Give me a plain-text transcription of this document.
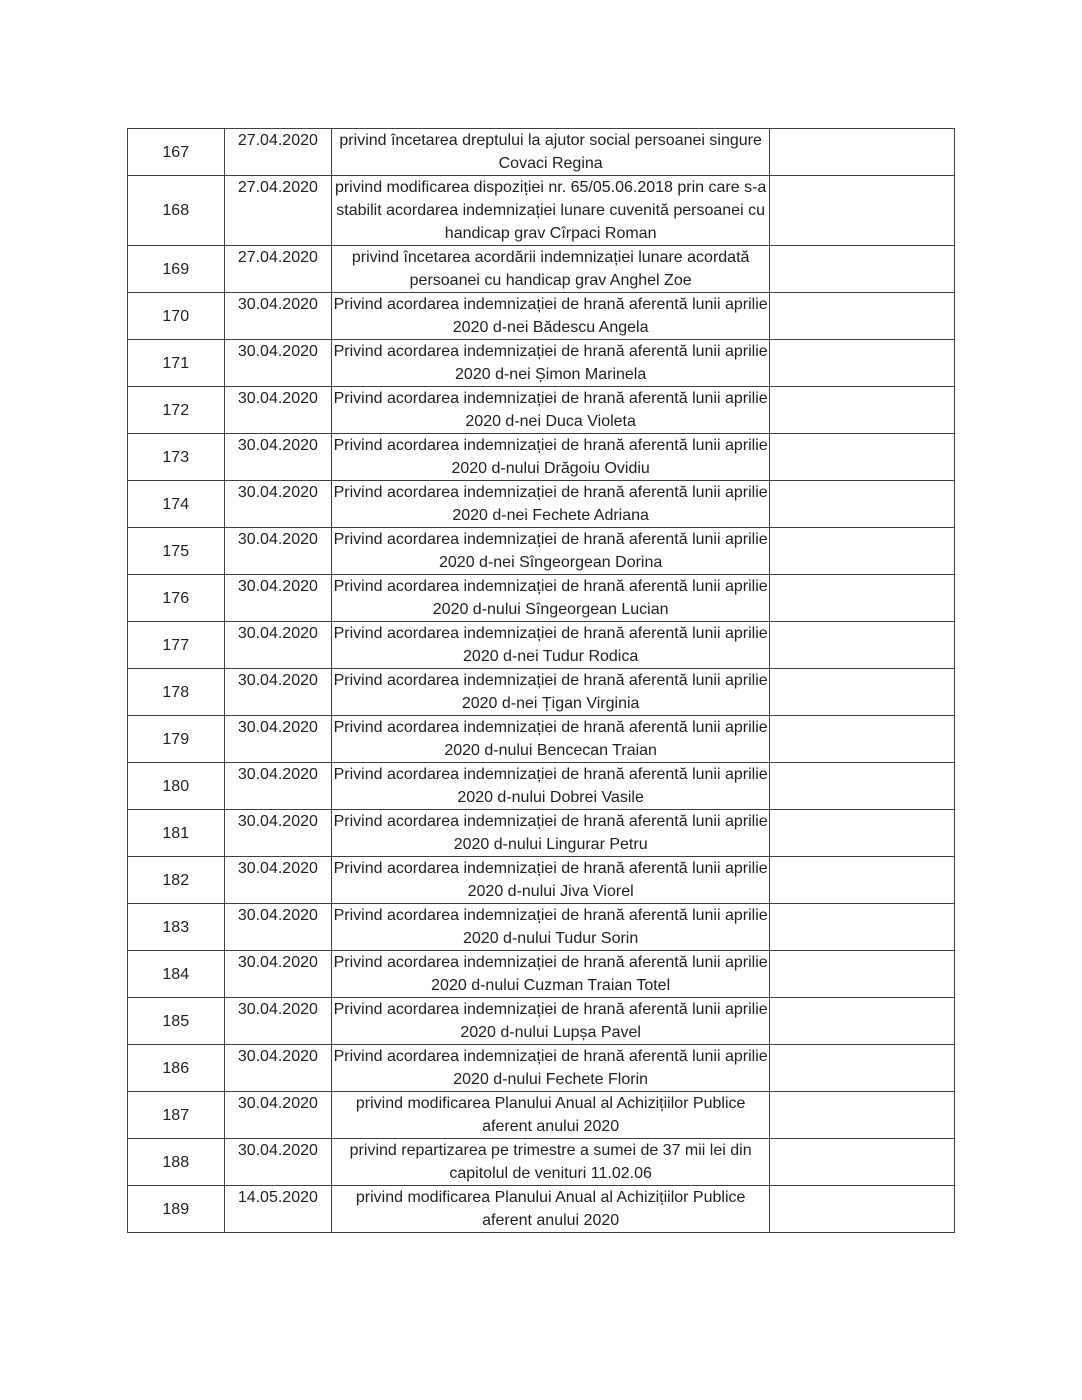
167	27.04.2020	privind încetarea dreptului la ajutor social persoanei singure Covaci Regina	
168	27.04.2020	privind modificarea dispoziției nr. 65/05.06.2018 prin care s-a stabilit acordarea indemnizației lunare cuvenită persoanei cu handicap grav Cîrpaci Roman	
169	27.04.2020	privind încetarea acordării indemnizației lunare acordată persoanei cu handicap grav Anghel Zoe	
170	30.04.2020	Privind acordarea indemnizației de hrană aferentă lunii aprilie 2020 d-nei Bădescu Angela	
171	30.04.2020	Privind acordarea indemnizației de hrană aferentă lunii aprilie 2020 d-nei Șimon Marinela	
172	30.04.2020	Privind acordarea indemnizației de hrană aferentă lunii aprilie 2020 d-nei Duca Violeta	
173	30.04.2020	Privind acordarea indemnizației de hrană aferentă lunii aprilie 2020 d-nului Drăgoiu Ovidiu	
174	30.04.2020	Privind acordarea indemnizației de hrană aferentă lunii aprilie 2020 d-nei Fechete Adriana	
175	30.04.2020	Privind acordarea indemnizației de hrană aferentă lunii aprilie 2020 d-nei Sîngeorgean Dorina	
176	30.04.2020	Privind acordarea indemnizației de hrană aferentă lunii aprilie 2020 d-nului Sîngeorgean Lucian	
177	30.04.2020	Privind acordarea indemnizației de hrană aferentă lunii aprilie 2020 d-nei Tudur Rodica	
178	30.04.2020	Privind acordarea indemnizației de hrană aferentă lunii aprilie 2020 d-nei Țigan Virginia	
179	30.04.2020	Privind acordarea indemnizației de hrană aferentă lunii aprilie 2020 d-nului Bencecan Traian	
180	30.04.2020	Privind acordarea indemnizației de hrană aferentă lunii aprilie 2020 d-nului Dobrei Vasile	
181	30.04.2020	Privind acordarea indemnizației de hrană aferentă lunii aprilie 2020 d-nului Lingurar Petru	
182	30.04.2020	Privind acordarea indemnizației de hrană aferentă lunii aprilie 2020 d-nului Jiva Viorel	
183	30.04.2020	Privind acordarea indemnizației de hrană aferentă lunii aprilie 2020 d-nului Tudur Sorin	
184	30.04.2020	Privind acordarea indemnizației de hrană aferentă lunii aprilie 2020 d-nului Cuzman Traian Totel	
185	30.04.2020	Privind acordarea indemnizației de hrană aferentă lunii aprilie 2020 d-nului Lupșa Pavel	
186	30.04.2020	Privind acordarea indemnizației de hrană aferentă lunii aprilie 2020 d-nului Fechete Florin	
187	30.04.2020	privind modificarea Planului Anual al Achizițiilor Publice aferent anului 2020	
188	30.04.2020	privind repartizarea pe trimestre a sumei de 37 mii lei din capitolul de venituri 11.02.06	
189	14.05.2020	privind modificarea Planului Anual al Achizițiilor Publice aferent anului 2020	
